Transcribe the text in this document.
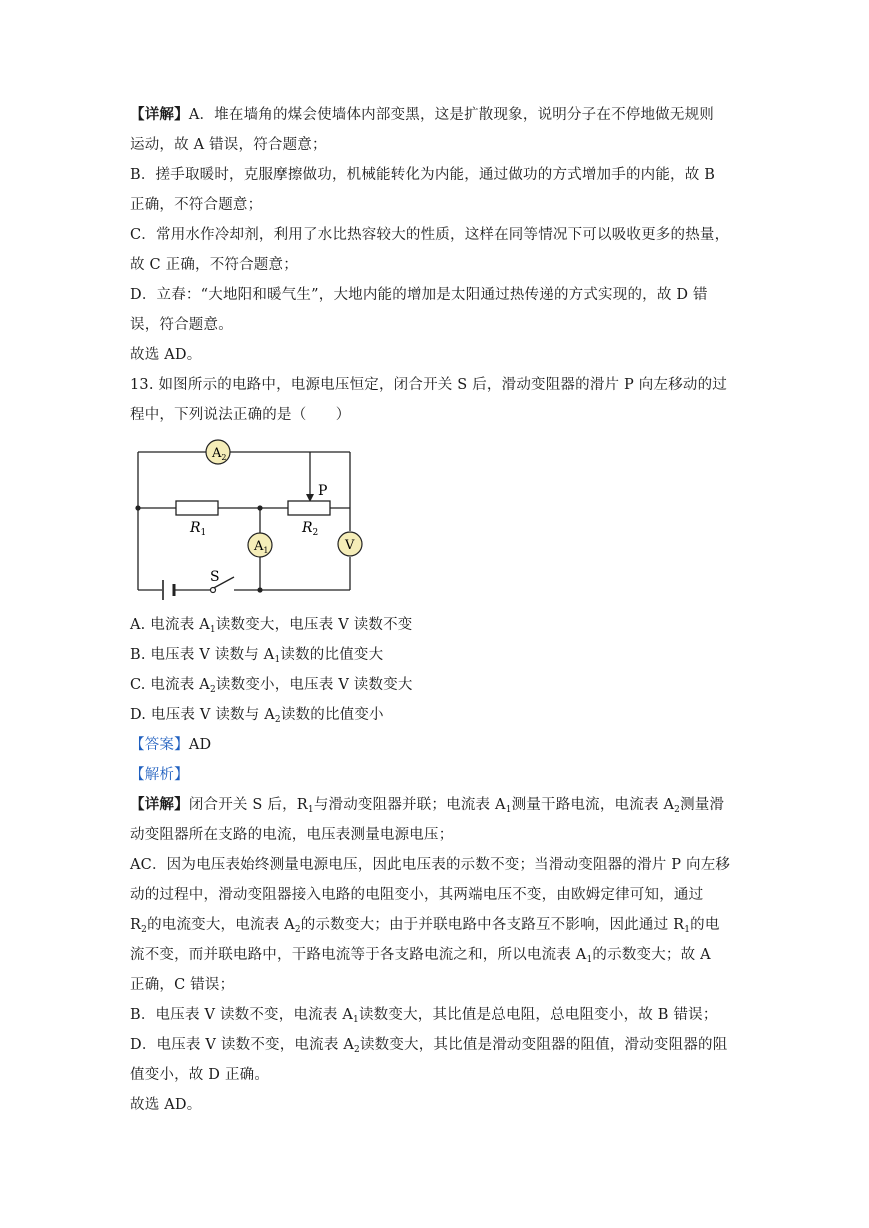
【详解】A．堆在墙角的煤会使墙体内部变黑，这是扩散现象，说明分子在不停地做无规则
运动，故 A 错误，符合题意；
B．搓手取暖时，克服摩擦做功，机械能转化为内能，通过做功的方式增加手的内能，故 B
正确，不符合题意；
C．常用水作冷却剂，利用了水比热容较大的性质，这样在同等情况下可以吸收更多的热量，
故 C 正确，不符合题意；
D．立春：“大地阳和暖气生”，大地内能的增加是太阳通过热传递的方式实现的，故 D 错
误，符合题意。
故选 AD。
13. 如图所示的电路中，电源电压恒定，闭合开关 S 后，滑动变阻器的滑片 P 向左移动的过
程中，下列说法正确的是（　　）
$A_2$
$A_1$	V
P
$R_1$	$R_2$
S
A. 电流表 $A_1$读数变大，电压表 V 读数不变
B. 电压表 V 读数与 $A_1$读数的比值变大
C. 电流表 $A_2$读数变小，电压表 V 读数变大
D. 电压表 V 读数与 $A_2$读数的比值变小
【答案】AD
【解析】
【详解】闭合开关 S 后，$R_1$与滑动变阻器并联；电流表 $A_1$测量干路电流，电流表 $A_2$测量滑
动变阻器所在支路的电流，电压表测量电源电压；
AC．因为电压表始终测量电源电压，因此电压表的示数不变；当滑动变阻器的滑片 P 向左移
动的过程中，滑动变阻器接入电路的电阻变小，其两端电压不变，由欧姆定律可知，通过
$R_2$的电流变大，电流表 $A_2$的示数变大；由于并联电路中各支路互不影响，因此通过 $R_1$的电
流不变，而并联电路中，干路电流等于各支路电流之和，所以电流表 $A_1$的示数变大；故 A
正确，C 错误；
B．电压表 V 读数不变，电流表 $A_1$读数变大，其比值是总电阻，总电阻变小，故 B 错误；
D．电压表 V 读数不变，电流表 $A_2$读数变大，其比值是滑动变阻器的阻值，滑动变阻器的阻
值变小，故 D 正确。
故选 AD。
